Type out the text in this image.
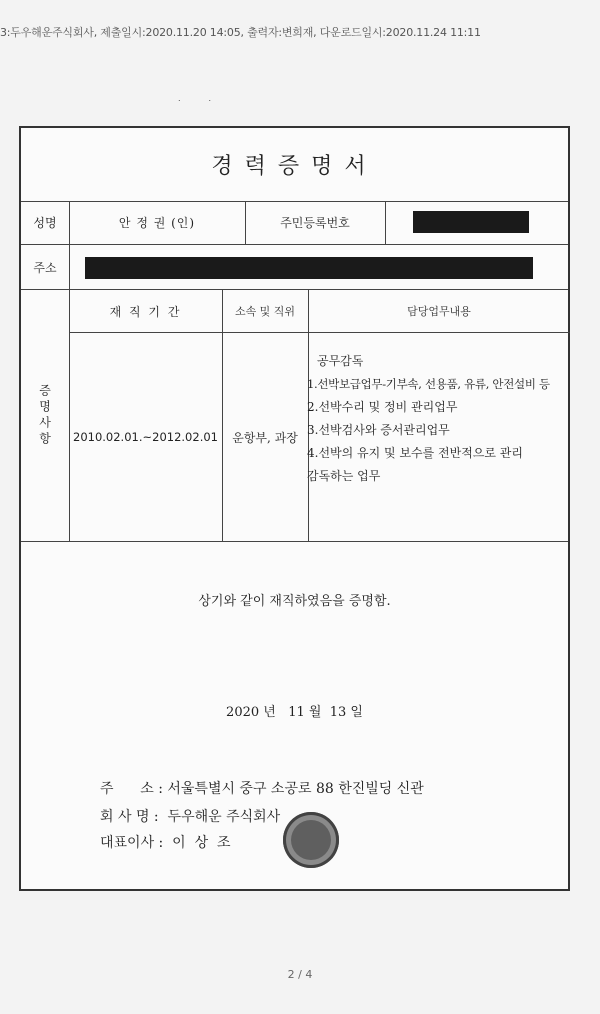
3:두우해운주식회사, 제출일시:2020.11.20 14:05, 출력자:변희재, 다운로드일시:2020.11.24 11:11
..
경력증명서
성명	안 정 권 (인)	주민등록번호
주소
증명사항
재 직 기 간	소속 및 직위	담당업무내용
2010.02.01.~2012.02.01	운항부, 과장
공무감독
1.선박보급업무-기부속, 선용품, 유류, 안전설비 등
2.선박수리 및 정비 관리업무
3.선박검사와 증서관리업무
4.선박의 유지 및 보수를 전반적으로 관리
감독하는 업무
상기와 같이 재직하였음을 증명함.
2020 년   11 월  13 일
주      소 : 서울특별시 중구 소공로 88 한진빌딩 신관
회 사 명 :  두우해운 주식회사
대표이사 :  이  상  조
2 / 4
